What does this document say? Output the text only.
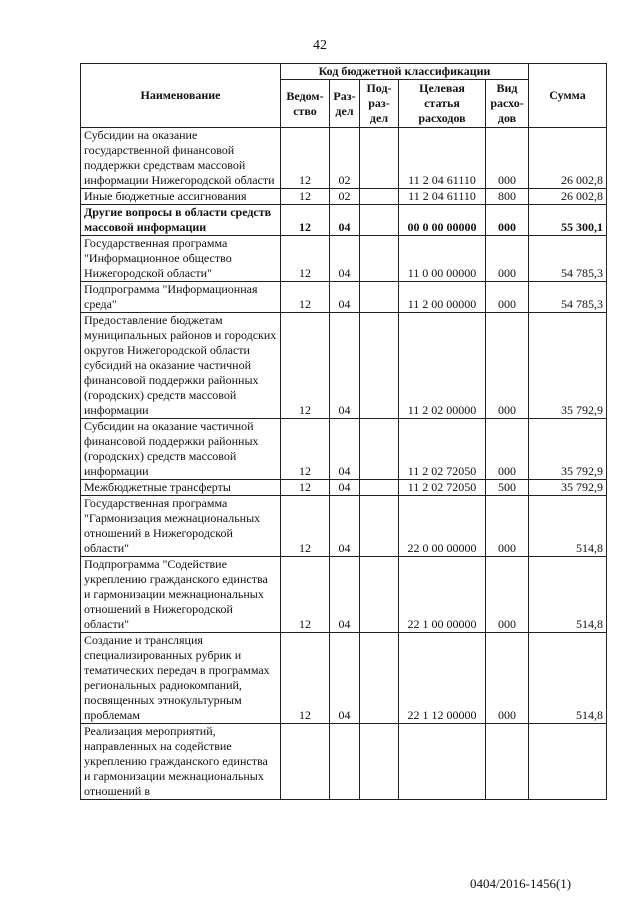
42
Наименование	Код бюджетной классификации					Сумма
	Ведом-ство	Раз-дел	Под-раз-дел	Целевая статья расходов	Вид расхо-дов	
Субсидии на оказание государственной финансовой поддержки средствам массовой информации Нижегородской области	12	02		11 2 04 61110	000	26 002,8
Иные бюджетные ассигнования	12	02		11 2 04 61110	800	26 002,8
Другие вопросы в области средств массовой информации	12	04		00 0 00 00000	000	55 300,1
Государственная программа "Информационное общество Нижегородской области"	12	04		11 0 00 00000	000	54 785,3
Подпрограмма "Информационная среда"	12	04		11 2 00 00000	000	54 785,3
Предоставление бюджетам муниципальных районов и городских округов Нижегородской области субсидий на оказание частичной финансовой поддержки районных (городских) средств массовой информации	12	04		11 2 02 00000	000	35 792,9
Субсидии на оказание частичной финансовой поддержки районных (городских) средств массовой информации	12	04		11 2 02 72050	000	35 792,9
Межбюджетные трансферты	12	04		11 2 02 72050	500	35 792,9
Государственная программа "Гармонизация межнациональных отношений в Нижегородской области"	12	04		22 0 00 00000	000	514,8
Подпрограмма "Содействие укреплению гражданского единства и гармонизации межнациональных отношений в Нижегородской области"	12	04		22 1 00 00000	000	514,8
Создание и трансляция специализированных рубрик и тематических передач в программах региональных радиокомпаний, посвященных этнокультурным проблемам	12	04		22 1 12 00000	000	514,8
Реализация мероприятий, направленных на содействие укреплению гражданского единства и гармонизации межнациональных отношений в						
0404/2016-1456(1)
